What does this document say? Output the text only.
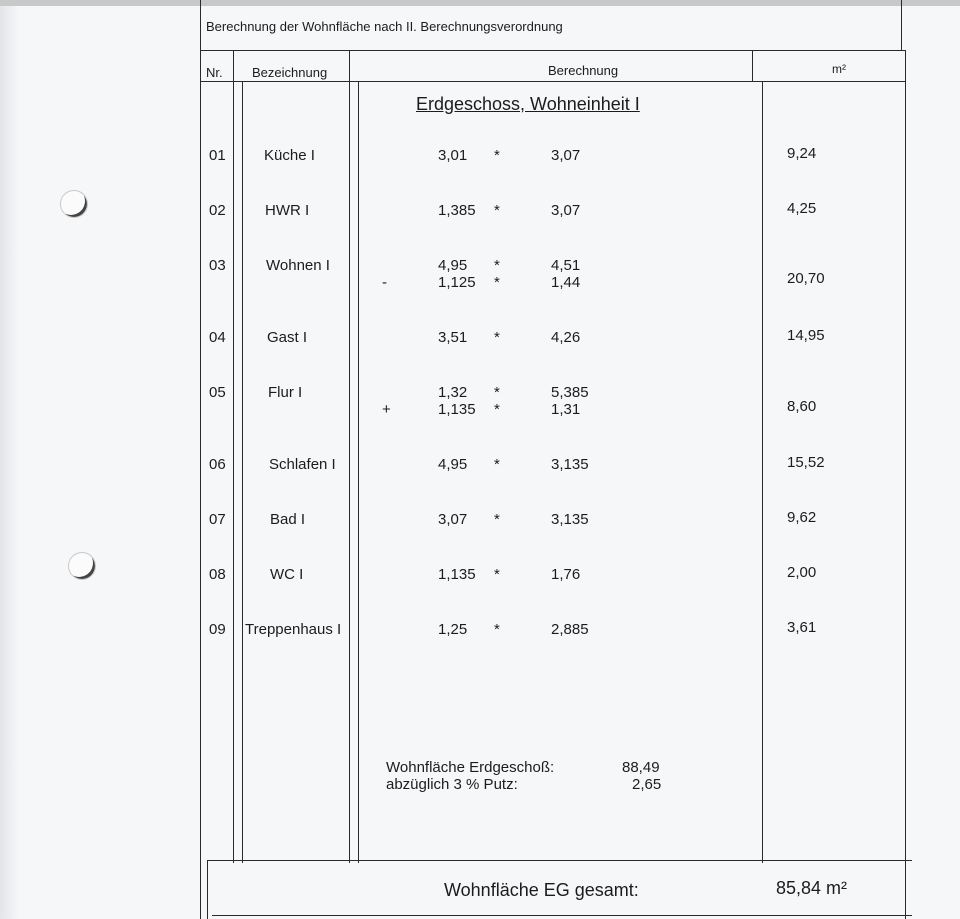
Berechnung der Wohnfläche nach II. Berechnungsverordnung
Nr. Bezeichnung	Berechnung	m²
Erdgeschoss, Wohneinheit I
01	Küche I	3,01 *	3,07	9,24
02	HWR I	1,385 *	3,07	4,25
03	Wohnen I	4,95 *	4,51
-	1,125 *	1,44	20,70
04	Gast I	3,51 *	4,26	14,95
05	Flur I	1,32 *	5,385
+	1,135 *	1,31	8,60
06	Schlafen I	4,95 *	3,135	15,52
07	Bad I	3,07 *	3,135	9,62
08	WC I	1,135 *	1,76	2,00
09 Treppenhaus I	1,25 *	2,885	3,61
Wohnfläche Erdgeschoß:	88,49
abzüglich 3 % Putz:	2,65
Wohnfläche EG gesamt:	85,84 m²
